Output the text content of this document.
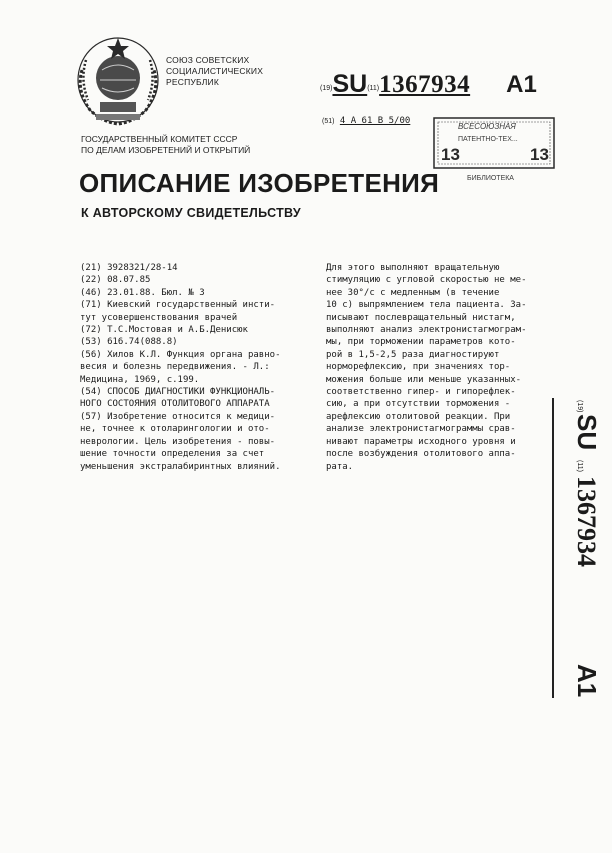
СОЮЗ СОВЕТСКИХ
СОЦИАЛИСТИЧЕСКИХ
РЕСПУБЛИК
(19)SU(11)1367934 A1
(51) 4 A 61 B 5/00
ВСЕСОЮЗНАЯ
ПАТЕНТНО-ТЕХ...
13	13
БИБЛИОТЕКА
ГОСУДАРСТВЕННЫЙ КОМИТЕТ СССР
ПО ДЕЛАМ ИЗОБРЕТЕНИЙ И ОТКРЫТИЙ
ОПИСАНИЕ ИЗОБРЕТЕНИЯ
К АВТОРСКОМУ СВИДЕТЕЛЬСТВУ
(21) 3928321/28-14
(22) 08.07.85
(46) 23.01.88. Бюл. № 3
(71) Киевский государственный инсти-
тут усовершенствования врачей
(72) Т.С.Мостовая и А.Б.Денисюк
(53) 616.74(088.8)
(56) Хилов К.Л. Функция органа равно-
весия и болезнь передвижения. - Л.:
Медицина, 1969, с.199.
(54) СПОСОБ ДИАГНОСТИКИ ФУНКЦИОНАЛЬ-
НОГО СОСТОЯНИЯ ОТОЛИТОВОГО АППАРАТА
(57) Изобретение относится к медици-
не, точнее к отоларингологии и ото-
неврологии. Цель изобретения - повы-
шение точности определения за счет
уменьшения экстралабиринтных влияний.
Для этого выполняют вращательную
стимуляцию с угловой скоростью не ме-
нее 30°/с с медленным (в течение
10 с) выпрямлением тела пациента. За-
писывают послевращательный нистагм,
выполняют анализ электронистагмограм-
мы, при торможении параметров кото-
рой в 1,5-2,5 раза диагностируют
норморефлексию, при значениях тор-
можения больше или меньше указанных-
соответственно гипер- и гипорефлек-
сию, а при отсутствии торможения -
арефлексию отолитовой реакции. При
анализе электронистагмограммы срав-
нивают параметры исходного уровня и
после возбуждения отолитового аппа-
рата.
(19)
SU
(11)
1367934
A1
